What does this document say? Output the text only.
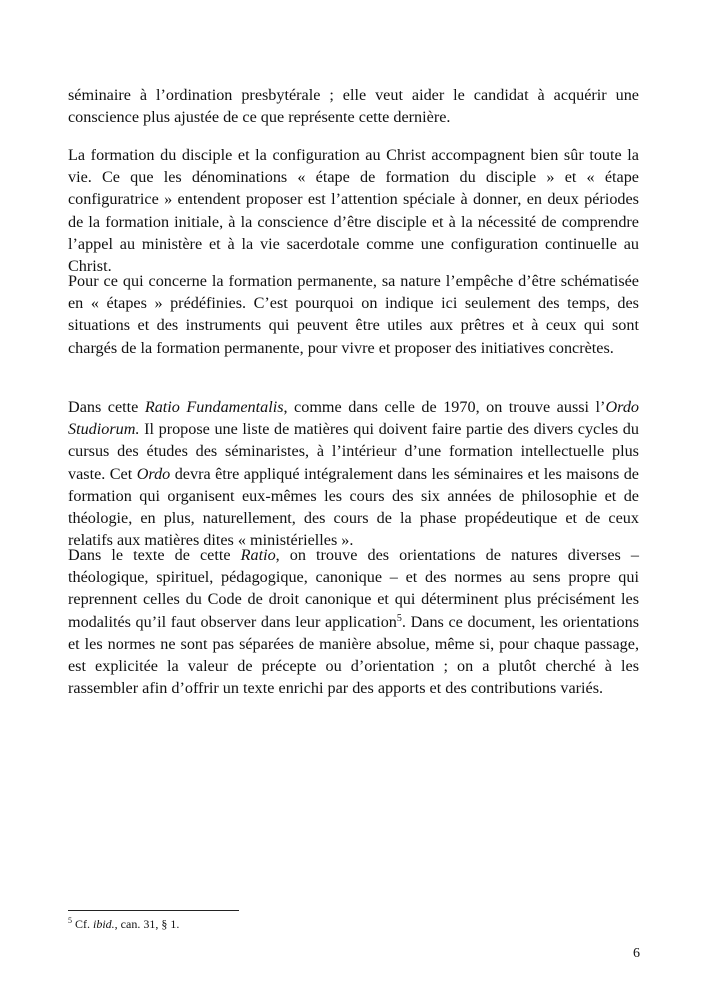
séminaire à l’ordination presbytérale ; elle veut aider le candidat à acquérir une conscience plus ajustée de ce que représente cette dernière.

La formation du disciple et la configuration au Christ accompagnent bien sûr toute la vie. Ce que les dénominations « étape de formation du disciple » et « étape configuratrice » entendent proposer est l’attention spéciale à donner, en deux périodes de la formation initiale, à la conscience d’être disciple et à la nécessité de comprendre l’appel au ministère et à la vie sacerdotale comme une configuration continuelle au Christ.

Pour ce qui concerne la formation permanente, sa nature l’empêche d’être schématisée en « étapes » prédéfinies. C’est pourquoi on indique ici seulement des temps, des situations et des instruments qui peuvent être utiles aux prêtres et à ceux qui sont chargés de la formation permanente, pour vivre et proposer des initiatives concrètes.

Dans cette Ratio Fundamentalis, comme dans celle de 1970, on trouve aussi l’Ordo Studiorum. Il propose une liste de matières qui doivent faire partie des divers cycles du cursus des études des séminaristes, à l’intérieur d’une formation intellectuelle plus vaste. Cet Ordo devra être appliqué intégralement dans les séminaires et les maisons de formation qui organisent eux-mêmes les cours des six années de philosophie et de théologie, en plus, naturellement, des cours de la phase propédeutique et de ceux relatifs aux matières dites « ministérielles ».

Dans le texte de cette Ratio, on trouve des orientations de natures diverses – théologique, spirituel, pédagogique, canonique – et des normes au sens propre qui reprennent celles du Code de droit canonique et qui déterminent plus précisément les modalités qu’il faut observer dans leur application$^5$. Dans ce document, les orientations et les normes ne sont pas séparées de manière absolue, même si, pour chaque passage, est explicitée la valeur de précepte ou d’orientation ; on a plutôt cherché à les rassembler afin d’offrir un texte enrichi par des apports et des contributions variés.

$^5$ Cf. ibid., can. 31, § 1.
6
